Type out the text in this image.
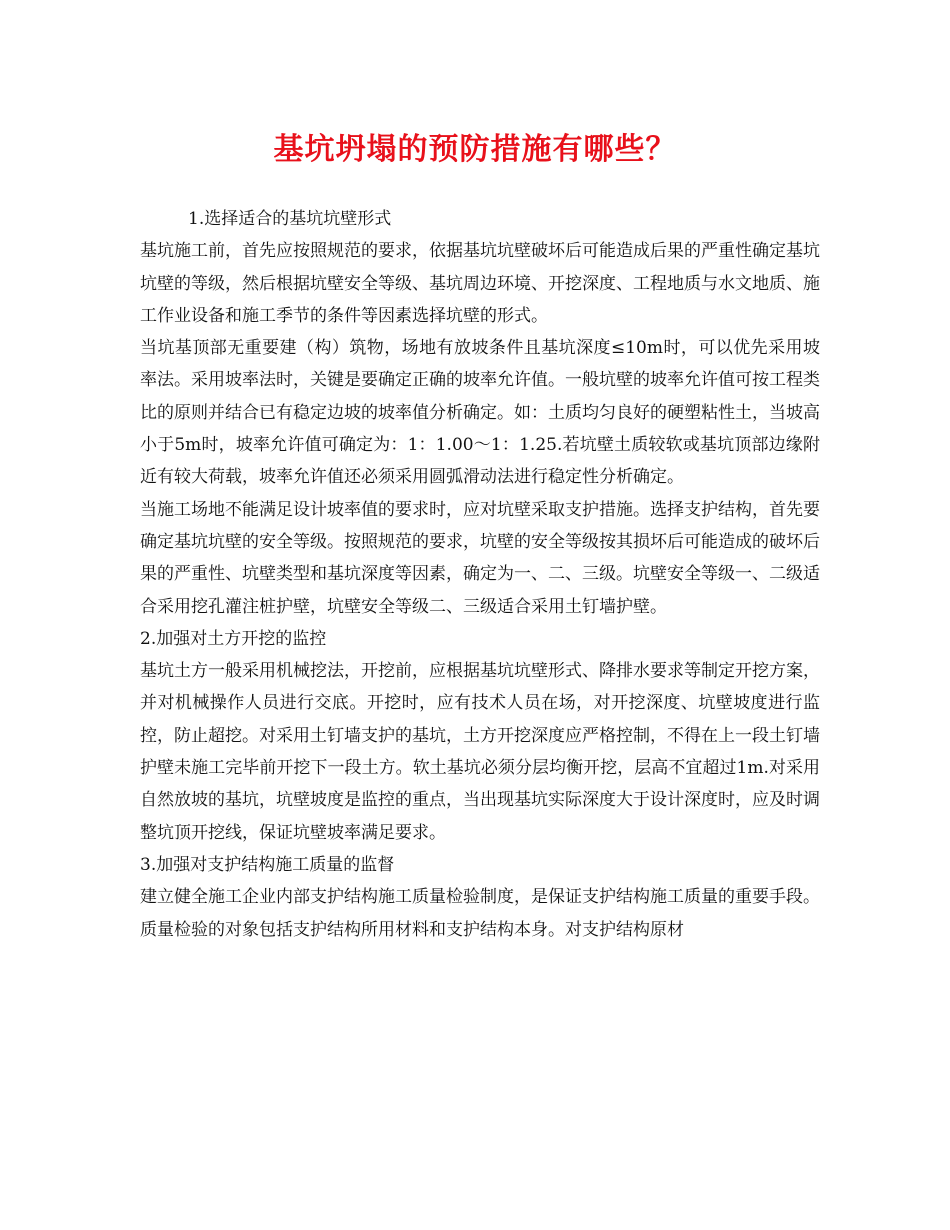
基坑坍塌的预防措施有哪些？

1.选择适合的基坑坑壁形式

基坑施工前，首先应按照规范的要求，依据基坑坑壁破坏后可能造成后果的严重性确定基坑坑壁的等级，然后根据坑壁安全等级、基坑周边环境、开挖深度、工程地质与水文地质、施工作业设备和施工季节的条件等因素选择坑壁的形式。

当坑基顶部无重要建（构）筑物，场地有放坡条件且基坑深度≤10m时，可以优先采用坡率法。采用坡率法时，关键是要确定正确的坡率允许值。一般坑壁的坡率允许值可按工程类比的原则并结合已有稳定边坡的坡率值分析确定。如：土质均匀良好的硬塑粘性土，当坡高小于5m时，坡率允许值可确定为：1：1.00～1：1.25.若坑壁土质较软或基坑顶部边缘附近有较大荷载，坡率允许值还必须采用圆弧滑动法进行稳定性分析确定。

当施工场地不能满足设计坡率值的要求时，应对坑壁采取支护措施。选择支护结构，首先要确定基坑坑壁的安全等级。按照规范的要求，坑壁的安全等级按其损坏后可能造成的破坏后果的严重性、坑壁类型和基坑深度等因素，确定为一、二、三级。坑壁安全等级一、二级适合采用挖孔灌注桩护壁，坑壁安全等级二、三级适合采用土钉墙护壁。

2.加强对土方开挖的监控

基坑土方一般采用机械挖法，开挖前，应根据基坑坑壁形式、降排水要求等制定开挖方案，并对机械操作人员进行交底。开挖时，应有技术人员在场，对开挖深度、坑壁坡度进行监控，防止超挖。对采用土钉墙支护的基坑，土方开挖深度应严格控制，不得在上一段土钉墙护壁未施工完毕前开挖下一段土方。软土基坑必须分层均衡开挖，层高不宜超过1m.对采用自然放坡的基坑，坑壁坡度是监控的重点，当出现基坑实际深度大于设计深度时，应及时调整坑顶开挖线，保证坑壁坡率满足要求。

3.加强对支护结构施工质量的监督

建立健全施工企业内部支护结构施工质量检验制度，是保证支护结构施工质量的重要手段。质量检验的对象包括支护结构所用材料和支护结构本身。对支护结构原材
